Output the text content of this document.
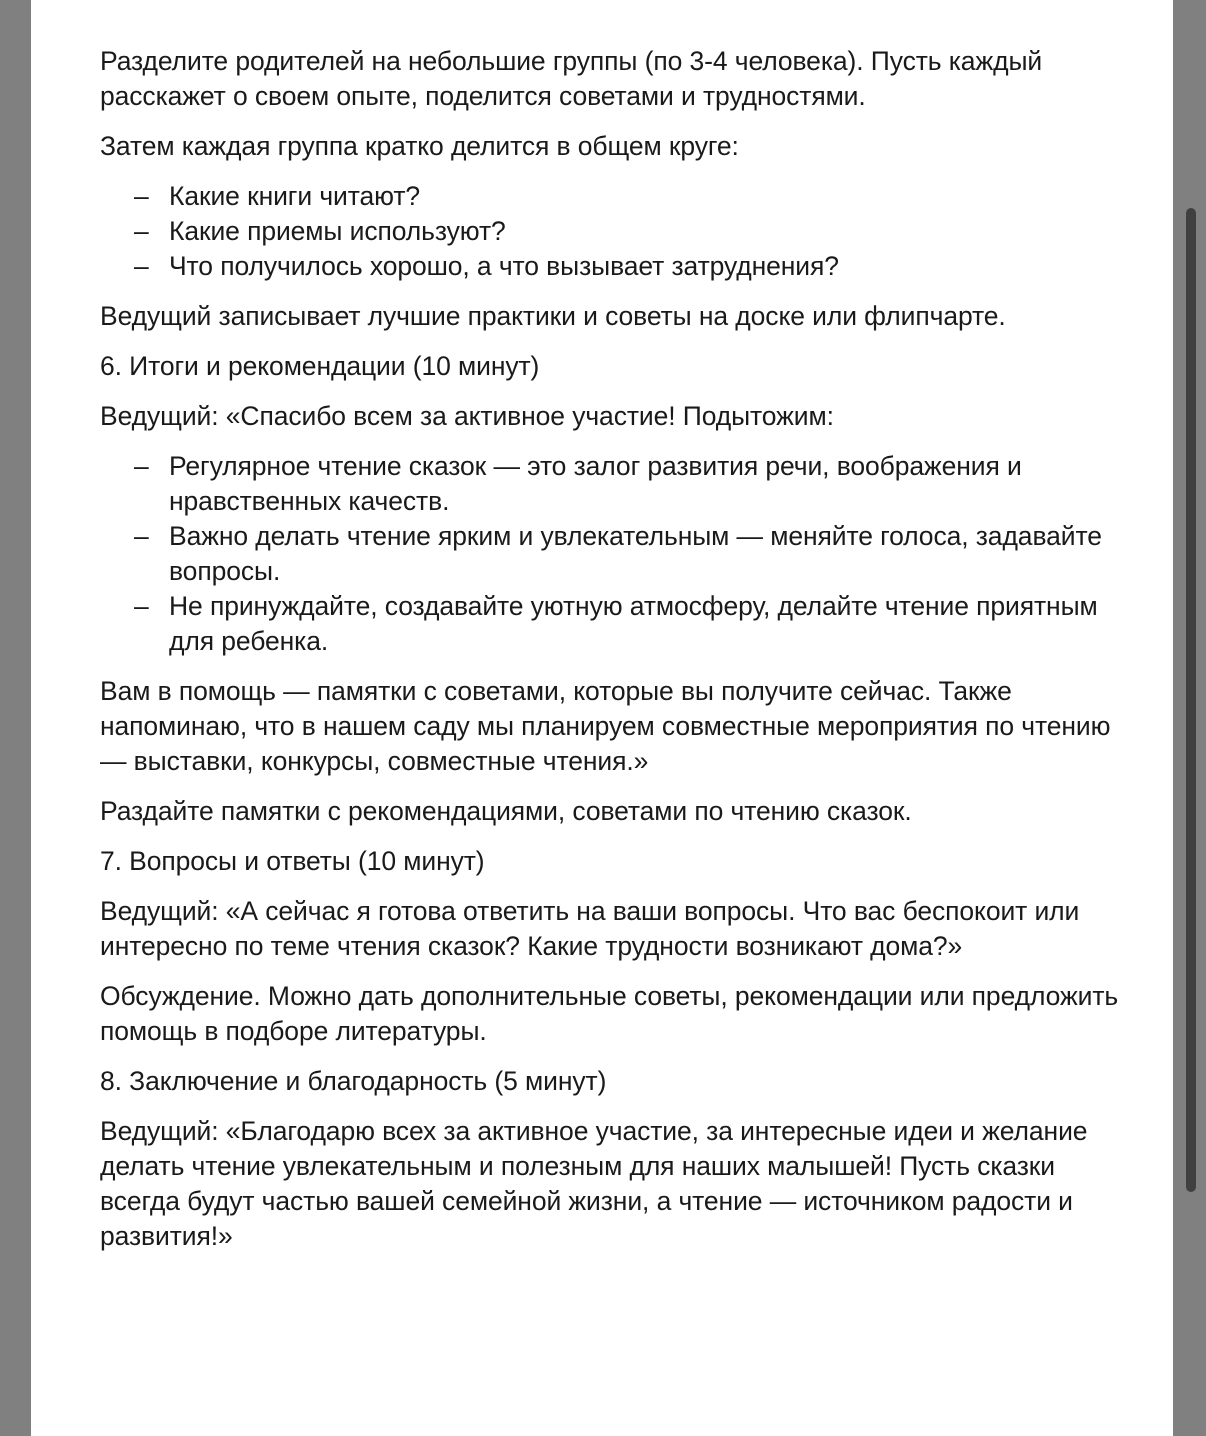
Разделите родителей на небольшие группы (по 3-4 человека). Пусть каждый расскажет о своем опыте, поделится советами и трудностями.

Затем каждая группа кратко делится в общем круге:

– Какие книги читают?
– Какие приемы используют?
– Что получилось хорошо, а что вызывает затруднения?

Ведущий записывает лучшие практики и советы на доске или флипчарте.

6. Итоги и рекомендации (10 минут)

Ведущий: «Спасибо всем за активное участие! Подытожим:

– Регулярное чтение сказок — это залог развития речи, воображения и нравственных качеств.
– Важно делать чтение ярким и увлекательным — меняйте голоса, задавайте вопросы.
– Не принуждайте, создавайте уютную атмосферу, делайте чтение приятным для ребенка.

Вам в помощь — памятки с советами, которые вы получите сейчас. Также напоминаю, что в нашем саду мы планируем совместные мероприятия по чтению — выставки, конкурсы, совместные чтения.»

Раздайте памятки с рекомендациями, советами по чтению сказок.

7. Вопросы и ответы (10 минут)

Ведущий: «А сейчас я готова ответить на ваши вопросы. Что вас беспокоит или интересно по теме чтения сказок? Какие трудности возникают дома?»

Обсуждение. Можно дать дополнительные советы, рекомендации или предложить помощь в подборе литературы.

8. Заключение и благодарность (5 минут)

Ведущий: «Благодарю всех за активное участие, за интересные идеи и желание делать чтение увлекательным и полезным для наших малышей! Пусть сказки всегда будут частью вашей семейной жизни, а чтение — источником радости и развития!»
